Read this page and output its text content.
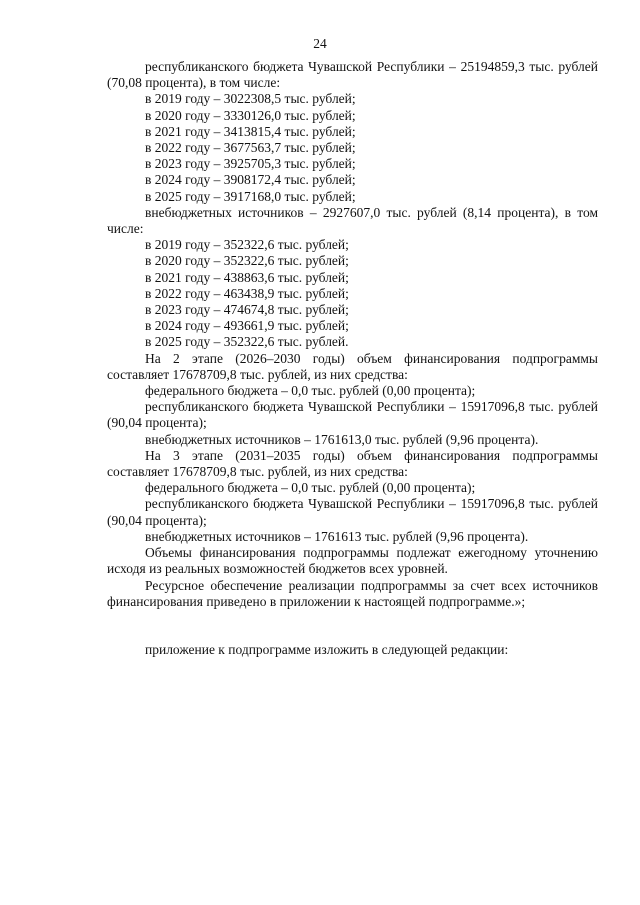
24

республиканского бюджета Чувашской Республики – 25194859,3 тыс. рублей (70,08 процента), в том числе:

в 2019 году – 3022308,5 тыс. рублей;
в 2020 году – 3330126,0 тыс. рублей;
в 2021 году – 3413815,4 тыс. рублей;
в 2022 году – 3677563,7 тыс. рублей;
в 2023 году – 3925705,3 тыс. рублей;
в 2024 году – 3908172,4 тыс. рублей;
в 2025 году – 3917168,0 тыс. рублей;

внебюджетных источников – 2927607,0 тыс. рублей (8,14 процента), в том числе:

в 2019 году – 352322,6 тыс. рублей;
в 2020 году – 352322,6 тыс. рублей;
в 2021 году – 438863,6 тыс. рублей;
в 2022 году – 463438,9 тыс. рублей;
в 2023 году – 474674,8 тыс. рублей;
в 2024 году – 493661,9 тыс. рублей;
в 2025 году – 352322,6 тыс. рублей.

На 2 этапе (2026–2030 годы) объем финансирования подпрограммы составляет 17678709,8 тыс. рублей, из них средства:

федерального бюджета – 0,0 тыс. рублей (0,00 процента);

республиканского бюджета Чувашской Республики – 15917096,8 тыс. рублей (90,04 процента);

внебюджетных источников – 1761613,0 тыс. рублей (9,96 процента).

На 3 этапе (2031–2035 годы) объем финансирования подпрограммы составляет 17678709,8 тыс. рублей, из них средства:

федерального бюджета – 0,0 тыс. рублей (0,00 процента);

республиканского бюджета Чувашской Республики – 15917096,8 тыс. рублей (90,04 процента);

внебюджетных источников – 1761613 тыс. рублей (9,96 процента).

Объемы финансирования подпрограммы подлежат ежегодному уточнению исходя из реальных возможностей бюджетов всех уровней.

Ресурсное обеспечение реализации подпрограммы за счет всех источников финансирования приведено в приложении к настоящей подпрограмме.»;

приложение к подпрограмме изложить в следующей редакции:
